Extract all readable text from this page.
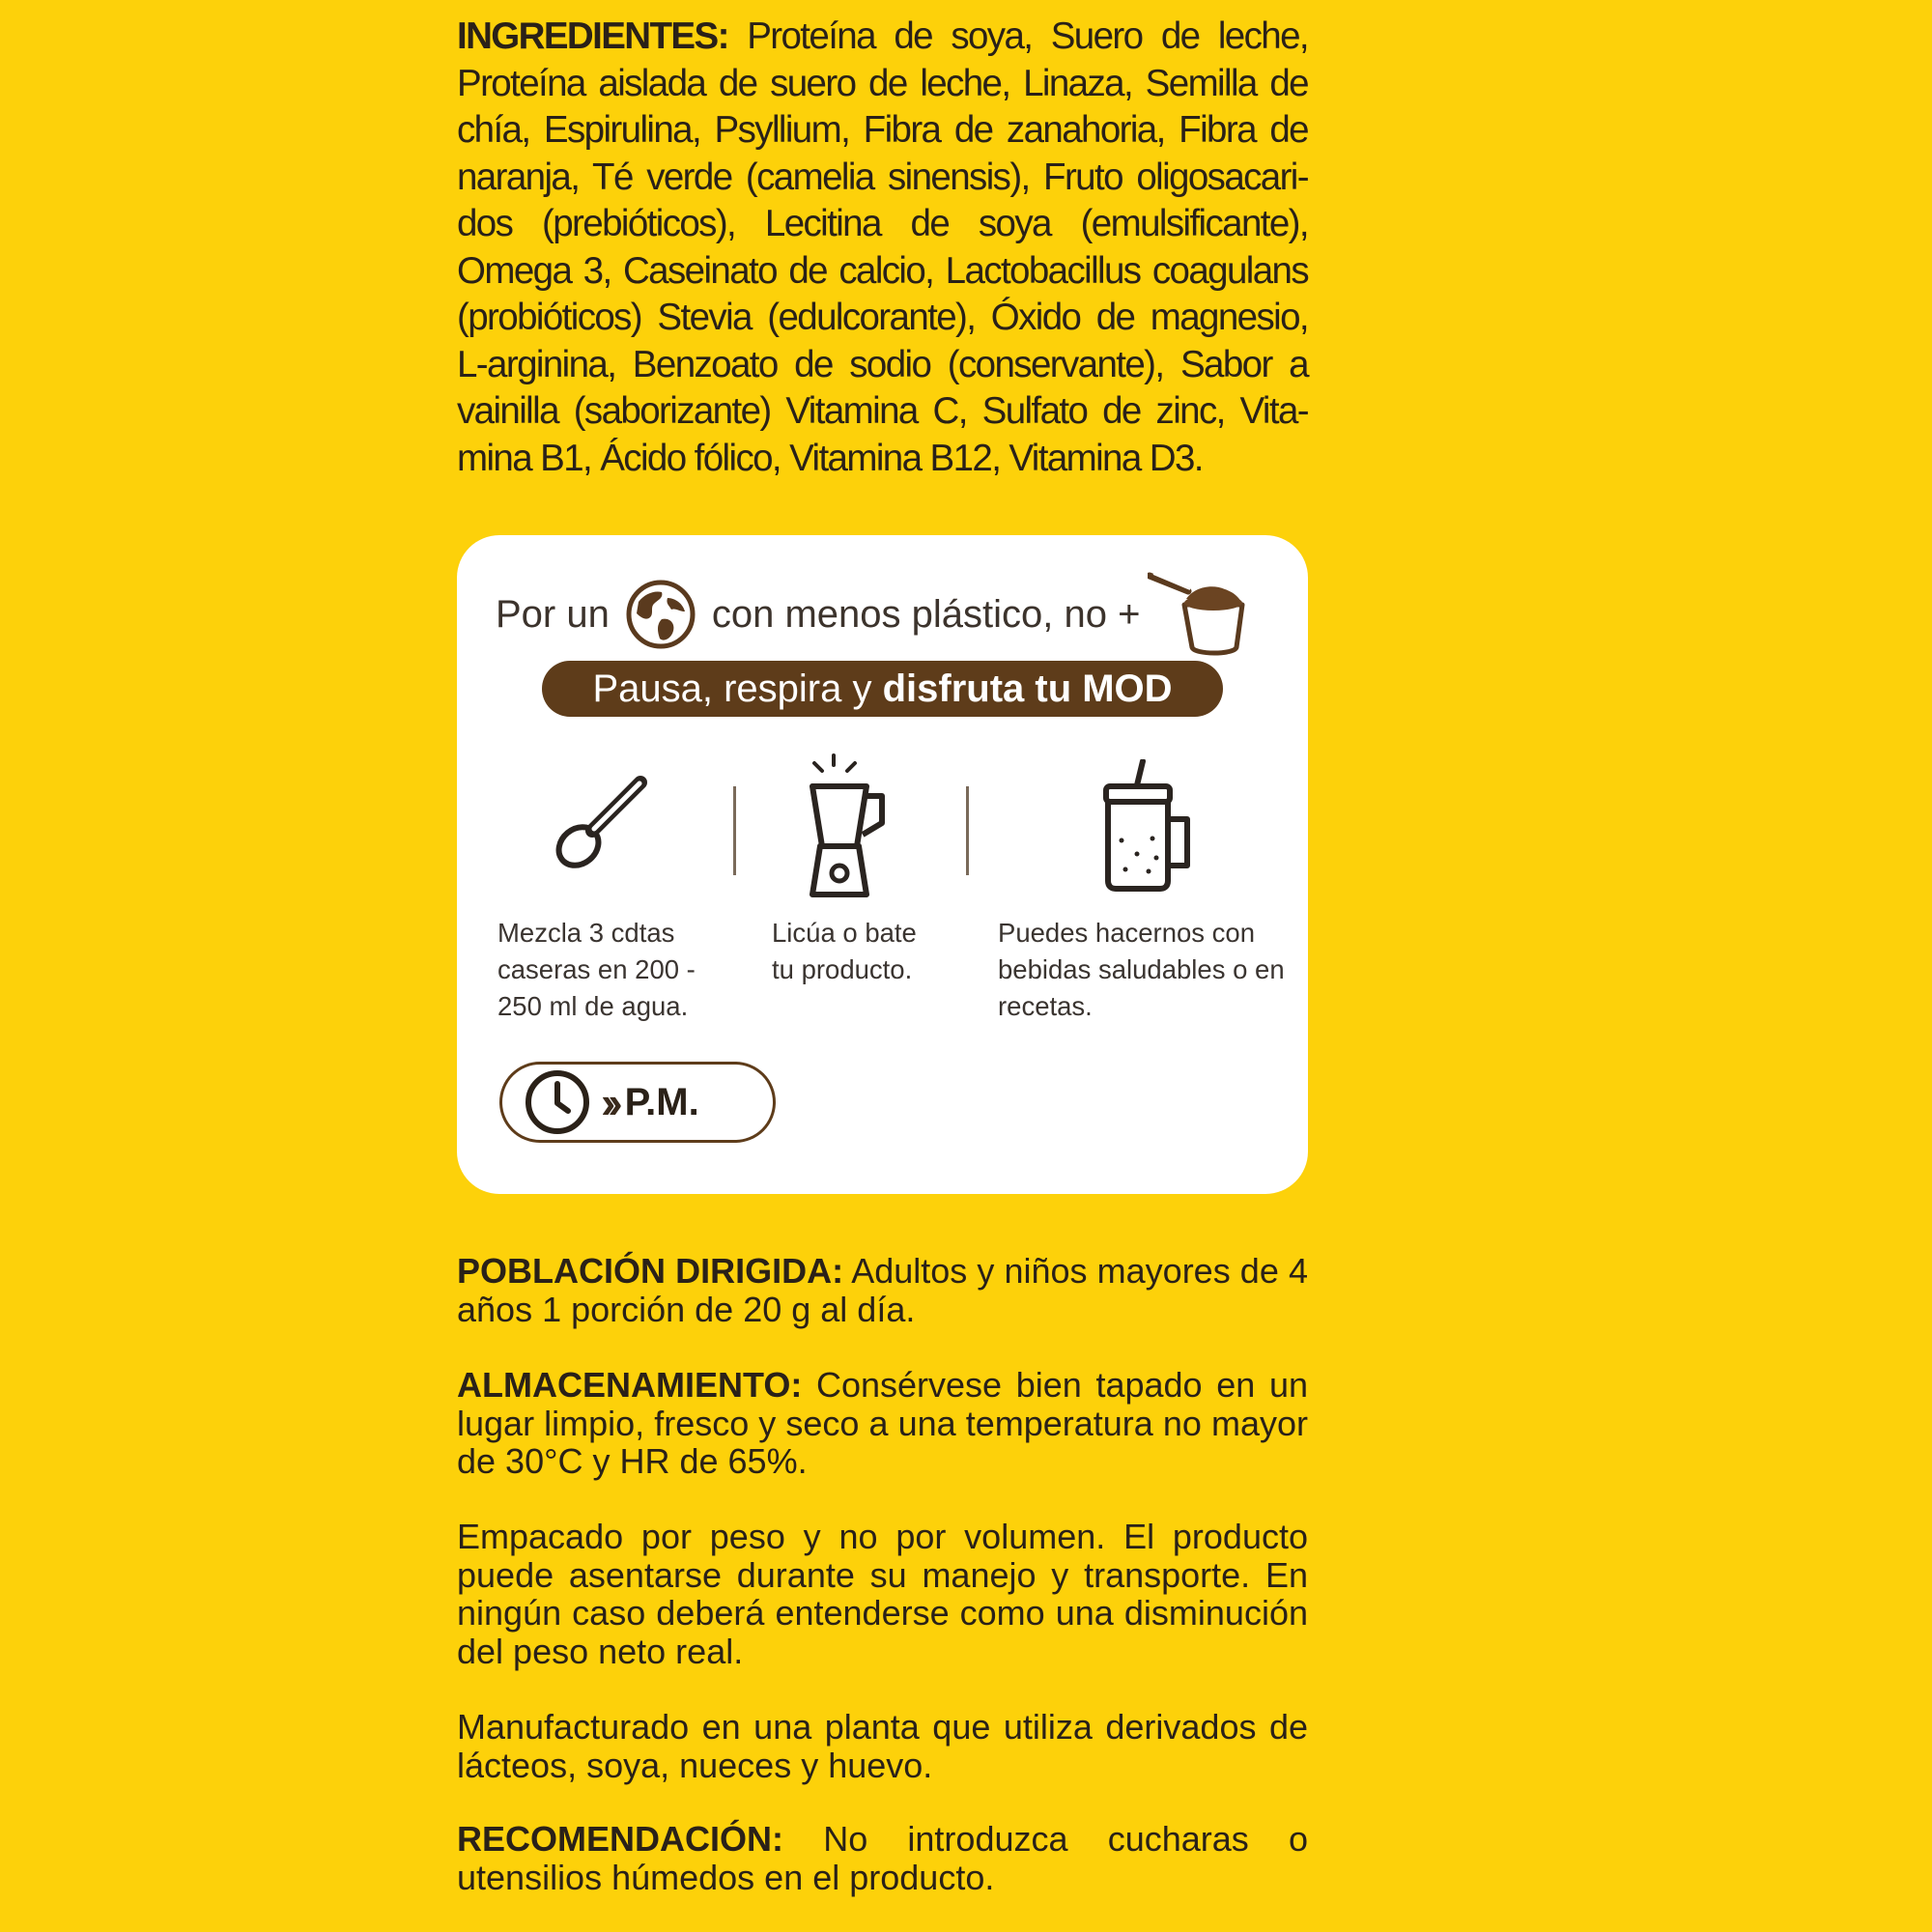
INGREDIENTES: Proteína de soya, Suero de leche, Proteína aislada de suero de leche, Linaza, Semilla de chía, Espirulina, Psyllium, Fibra de zanahoria, Fibra de naranja, Té verde (camelia sinensis), Fruto oligosacari-dos (prebióticos), Lecitina de soya (emulsificante), Omega 3, Caseinato de calcio, Lactobacillus coagulans (probióticos) Stevia (edulcorante), Óxido de magnesio, L-arginina, Benzoato de sodio (conservante), Sabor a vainilla (saborizante) Vitamina C, Sulfato de zinc, Vita-mina B1, Ácido fólico, Vitamina B12, Vitamina D3.
Por un	con menos plástico, no +
Pausa, respira y disfruta tu MOD
Mezcla 3 cdtas caseras en 200 - 250 ml de agua.
Licúa o bate tu producto.
Puedes hacernos con bebidas saludables o en recetas.
›› P.M.
POBLACIÓN DIRIGIDA: Adultos y niños mayores de 4 años 1 porción de 20 g al día.
ALMACENAMIENTO: Consérvese bien tapado en un lugar limpio, fresco y seco a una temperatura no mayor de 30°C y HR de 65%.
Empacado por peso y no por volumen. El producto puede asentarse durante su manejo y transporte. En ningún caso deberá entenderse como una disminución del peso neto real.
Manufacturado en una planta que utiliza derivados de lácteos, soya, nueces y huevo.
RECOMENDACIÓN: No introduzca cucharas o utensilios húmedos en el producto.
